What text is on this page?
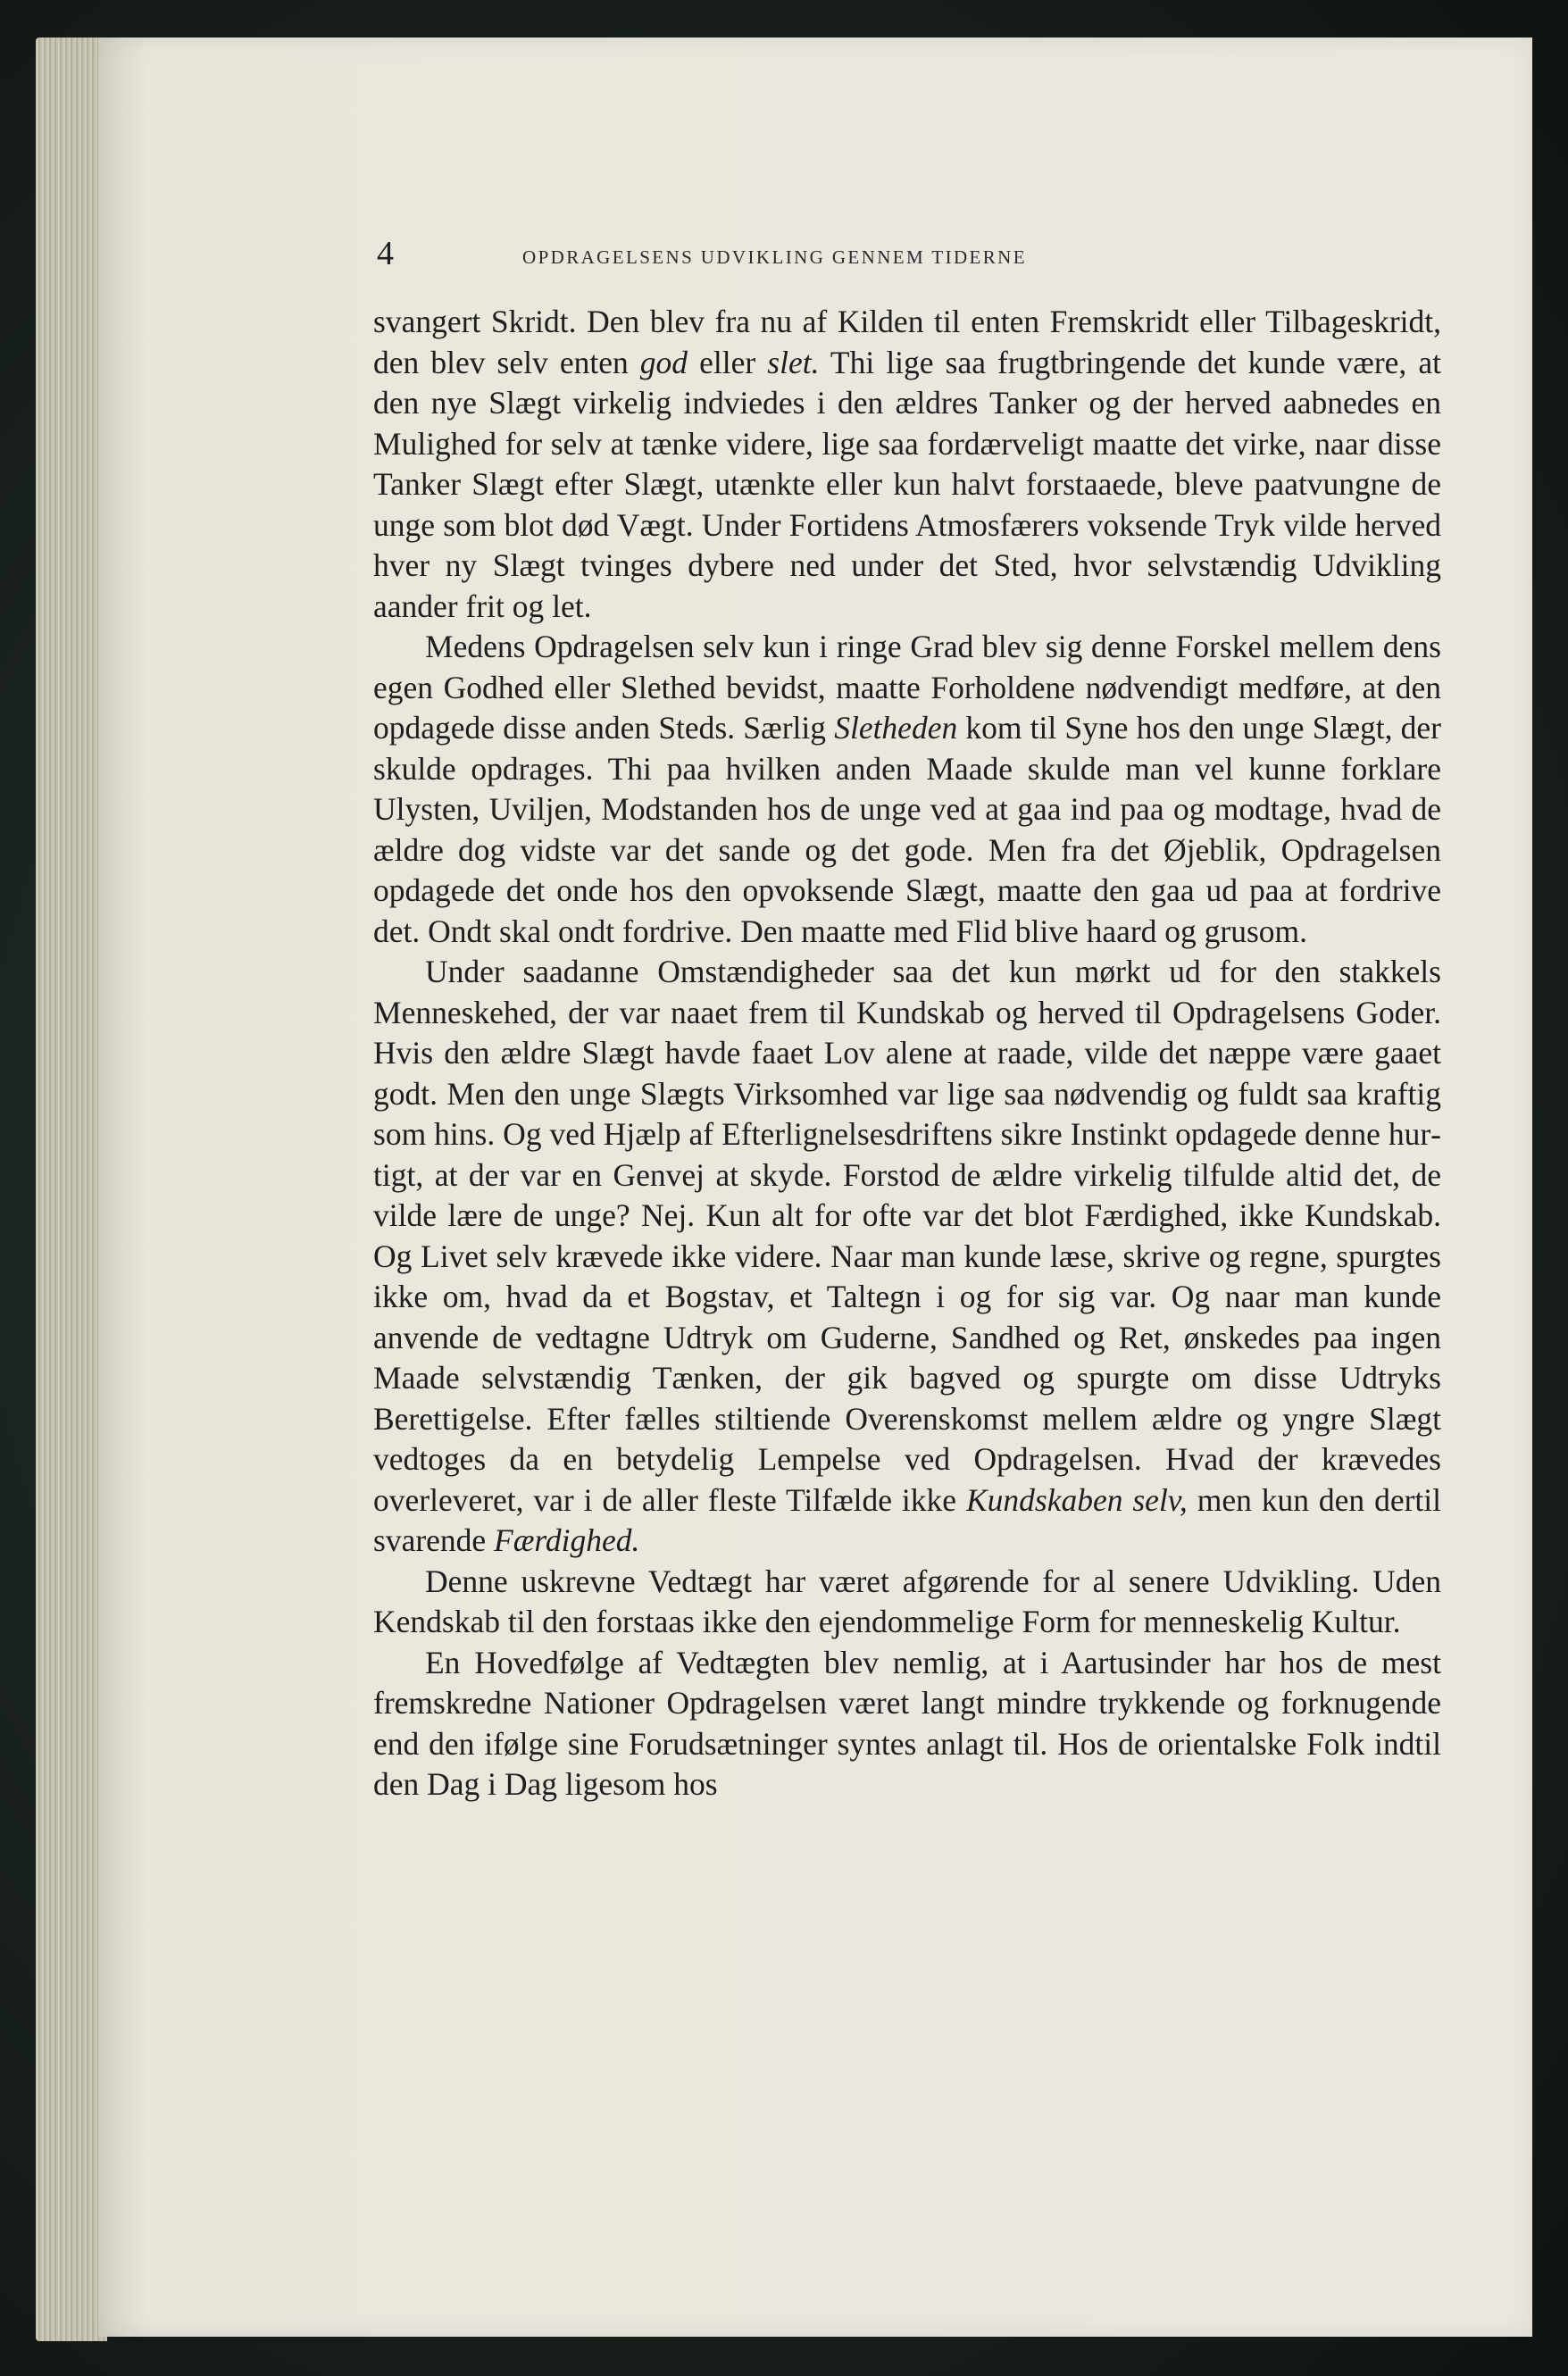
4	OPDRAGELSENS UDVIKLING GENNEM TIDERNE

svangert Skridt. Den blev fra nu af Kilden til enten Fremskridt eller Tilbageskridt, den blev selv enten god eller slet. Thi lige saa frugtbringende det kunde være, at den nye Slægt virkelig indviedes i den ældres Tanker og der herved aabnedes en Mulighed for selv at tænke videre, lige saa fordærveligt maatte det virke, naar disse Tanker Slægt efter Slægt, utænkte eller kun halvt forstaaede, bleve paatvungne de unge som blot død Vægt. Under Fortidens Atmosfærers voksende Tryk vilde herved hver ny Slægt tvinges dybere ned under det Sted, hvor selvstændig Udvikling aander frit og let.

Medens Opdragelsen selv kun i ringe Grad blev sig denne Forskel mellem dens egen Godhed eller Slethed bevidst, maatte Forholdene nødvendigt medføre, at den opdagede disse anden Steds. Særlig Sletheden kom til Syne hos den unge Slægt, der skulde opdrages. Thi paa hvilken anden Maade skulde man vel kunne forklare Ulysten, Uviljen, Modstanden hos de unge ved at gaa ind paa og modtage, hvad de ældre dog vidste var det sande og det gode. Men fra det Øjeblik, Opdragelsen opdagede det onde hos den opvoksende Slægt, maatte den gaa ud paa at fordrive det. Ondt skal ondt fordrive. Den maatte med Flid blive haard og grusom.

Under saadanne Omstændigheder saa det kun mørkt ud for den stakkels Menneskehed, der var naaet frem til Kundskab og herved til Opdragelsens Goder. Hvis den ældre Slægt havde faaet Lov alene at raade, vilde det næppe være gaaet godt. Men den unge Slægts Virksomhed var lige saa nødvendig og fuldt saa kraftig som hins. Og ved Hjælp af Efterlignelsesdriftens sikre Instinkt opdagede denne hurtigt, at der var en Genvej at skyde. Forstod de ældre virkelig tilfulde altid det, de vilde lære de unge? Nej. Kun alt for ofte var det blot Færdighed, ikke Kundskab. Og Livet selv krævede ikke videre. Naar man kunde læse, skrive og regne, spurgtes ikke om, hvad da et Bogstav, et Taltegn i og for sig var. Og naar man kunde anvende de vedtagne Udtryk om Guderne, Sandhed og Ret, ønskedes paa ingen Maade selvstændig Tænken, der gik bagved og spurgte om disse Udtryks Berettigelse. Efter fælles stiltiende Overenskomst mellem ældre og yngre Slægt vedtoges da en betydelig Lempelse ved Opdragelsen. Hvad der krævedes overleveret, var i de aller fleste Tilfælde ikke Kundskaben selv, men kun den dertil svarende Færdighed.

Denne uskrevne Vedtægt har været afgørende for al senere Udvikling. Uden Kendskab til den forstaas ikke den ejendommelige Form for menneskelig Kultur.

En Hovedfølge af Vedtægten blev nemlig, at i Aartusinder har hos de mest fremskredne Nationer Opdragelsen været langt mindre trykkende og forknugende end den ifølge sine Forudsætninger syntes anlagt til. Hos de orientalske Folk indtil den Dag i Dag ligesom hos
